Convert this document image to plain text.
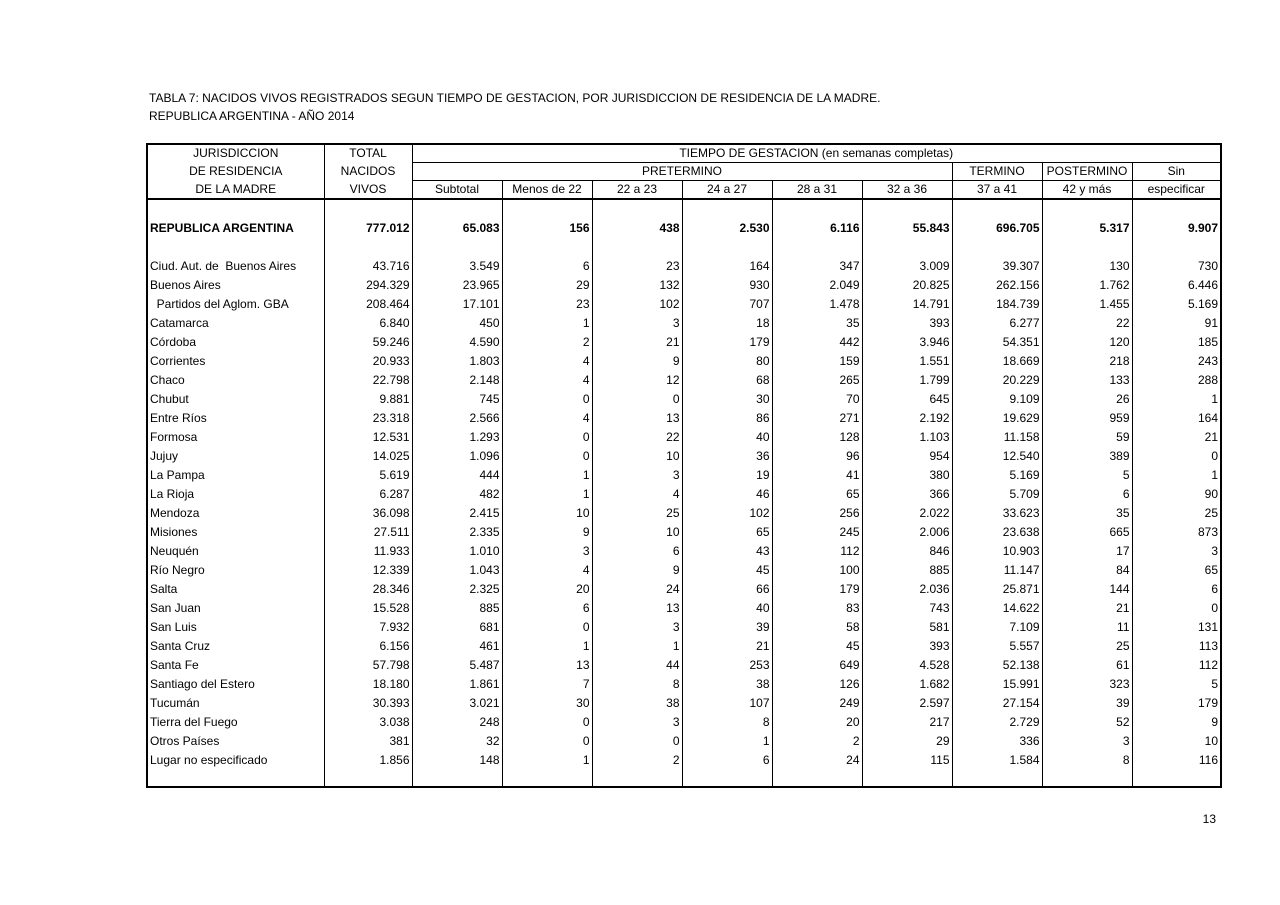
TABLA 7: NACIDOS VIVOS REGISTRADOS SEGUN TIEMPO DE GESTACION, POR JURISDICCION DE RESIDENCIA DE LA MADRE.
REPUBLICA ARGENTINA - AÑO 2014
JURISDICCION	TOTAL	TIEMPO DE GESTACION (en semanas completas)								
DE RESIDENCIA	NACIDOS	PRETERMINO						TERMINO	POSTERMINO	Sin
DE LA MADRE	VIVOS	Subtotal	Menos de 22	22 a 23	24 a 27	28 a 31	32 a 36	37 a 41	42 y más	especificar

REPUBLICA ARGENTINA	777.012	65.083	156	438	2.530	6.116	55.843	696.705	5.317	9.907

Ciud. Aut. de  Buenos Aires	43.716	3.549	6	23	164	347	3.009	39.307	130	730
Buenos Aires	294.329	23.965	29	132	930	2.049	20.825	262.156	1.762	6.446
Partidos del Aglom. GBA	208.464	17.101	23	102	707	1.478	14.791	184.739	1.455	5.169
Catamarca	6.840	450	1	3	18	35	393	6.277	22	91
Córdoba	59.246	4.590	2	21	179	442	3.946	54.351	120	185
Corrientes	20.933	1.803	4	9	80	159	1.551	18.669	218	243
Chaco	22.798	2.148	4	12	68	265	1.799	20.229	133	288
Chubut	9.881	745	0	0	30	70	645	9.109	26	1
Entre Ríos	23.318	2.566	4	13	86	271	2.192	19.629	959	164
Formosa	12.531	1.293	0	22	40	128	1.103	11.158	59	21
Jujuy	14.025	1.096	0	10	36	96	954	12.540	389	0
La Pampa	5.619	444	1	3	19	41	380	5.169	5	1
La Rioja	6.287	482	1	4	46	65	366	5.709	6	90
Mendoza	36.098	2.415	10	25	102	256	2.022	33.623	35	25
Misiones	27.511	2.335	9	10	65	245	2.006	23.638	665	873
Neuquén	11.933	1.010	3	6	43	112	846	10.903	17	3
Río Negro	12.339	1.043	4	9	45	100	885	11.147	84	65
Salta	28.346	2.325	20	24	66	179	2.036	25.871	144	6
San Juan	15.528	885	6	13	40	83	743	14.622	21	0
San Luis	7.932	681	0	3	39	58	581	7.109	11	131
Santa Cruz	6.156	461	1	1	21	45	393	5.557	25	113
Santa Fe	57.798	5.487	13	44	253	649	4.528	52.138	61	112
Santiago del Estero	18.180	1.861	7	8	38	126	1.682	15.991	323	5
Tucumán	30.393	3.021	30	38	107	249	2.597	27.154	39	179
Tierra del Fuego	3.038	248	0	3	8	20	217	2.729	52	9
Otros Países	381	32	0	0	1	2	29	336	3	10
Lugar no especificado	1.856	148	1	2	6	24	115	1.584	8	116

13
